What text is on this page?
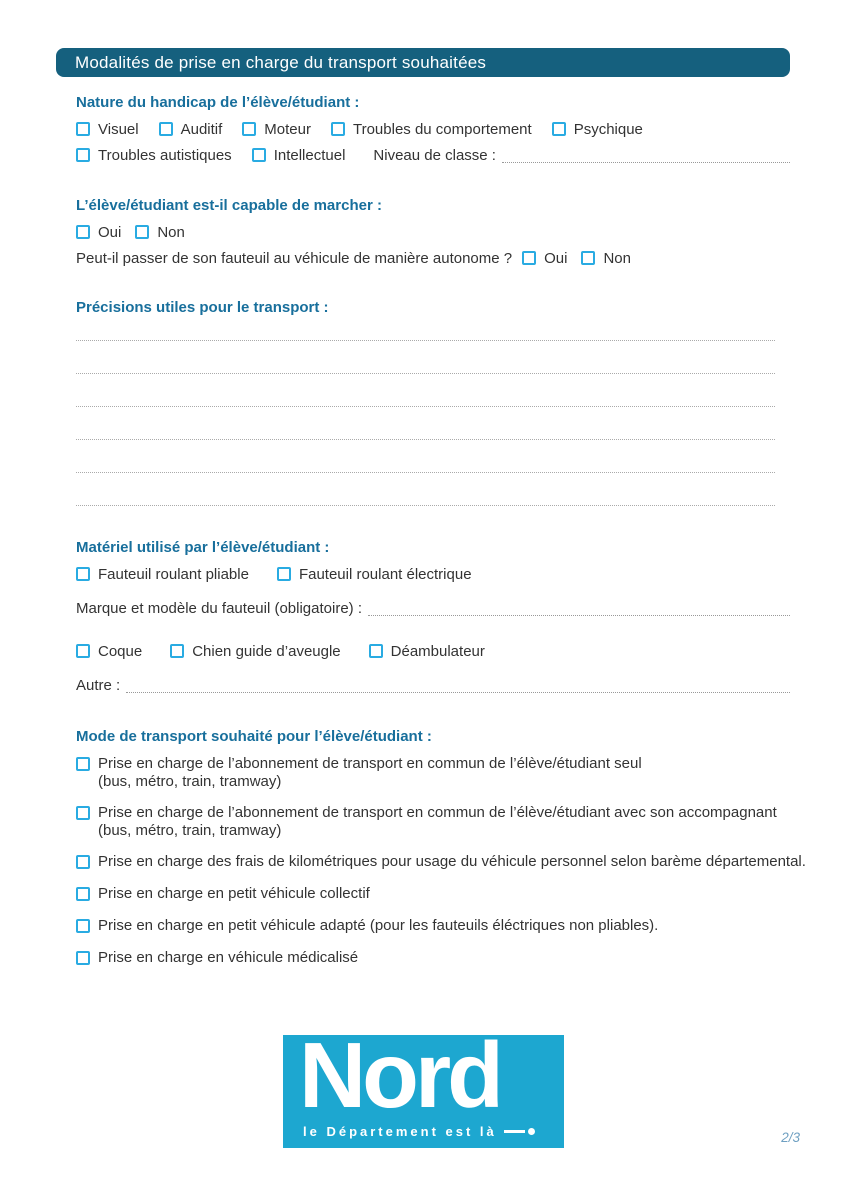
Modalités de prise en charge du transport souhaitées
Nature du handicap de l’élève/étudiant :
Visuel	Auditif	Moteur	Troubles du comportement	Psychique
Troubles autistiques	Intellectuel Niveau de classe :
L’élève/étudiant est-il capable de marcher :
Oui Non
Peut-il passer de son fauteuil au véhicule de manière autonome ? Oui Non
Précisions utiles pour le transport :
Matériel utilisé par l’élève/étudiant :
Fauteuil roulant pliable	Fauteuil roulant électrique
Marque et modèle du fauteuil (obligatoire) :
Coque	Chien guide d’aveugle	Déambulateur
Autre :
Mode de transport souhaité pour l’élève/étudiant :
Prise en charge de l’abonnement de transport en commun de l’élève/étudiant seul
(bus, métro, train, tramway)
Prise en charge de l’abonnement de transport en commun de l’élève/étudiant avec son accompagnant
(bus, métro, train, tramway)
Prise en charge des frais de kilométriques pour usage du véhicule personnel selon barème départemental.
Prise en charge en petit véhicule collectif
Prise en charge en petit véhicule adapté (pour les fauteuils éléctriques non pliables).
Prise en charge en véhicule médicalisé
Nord
le Département est là	2/3
